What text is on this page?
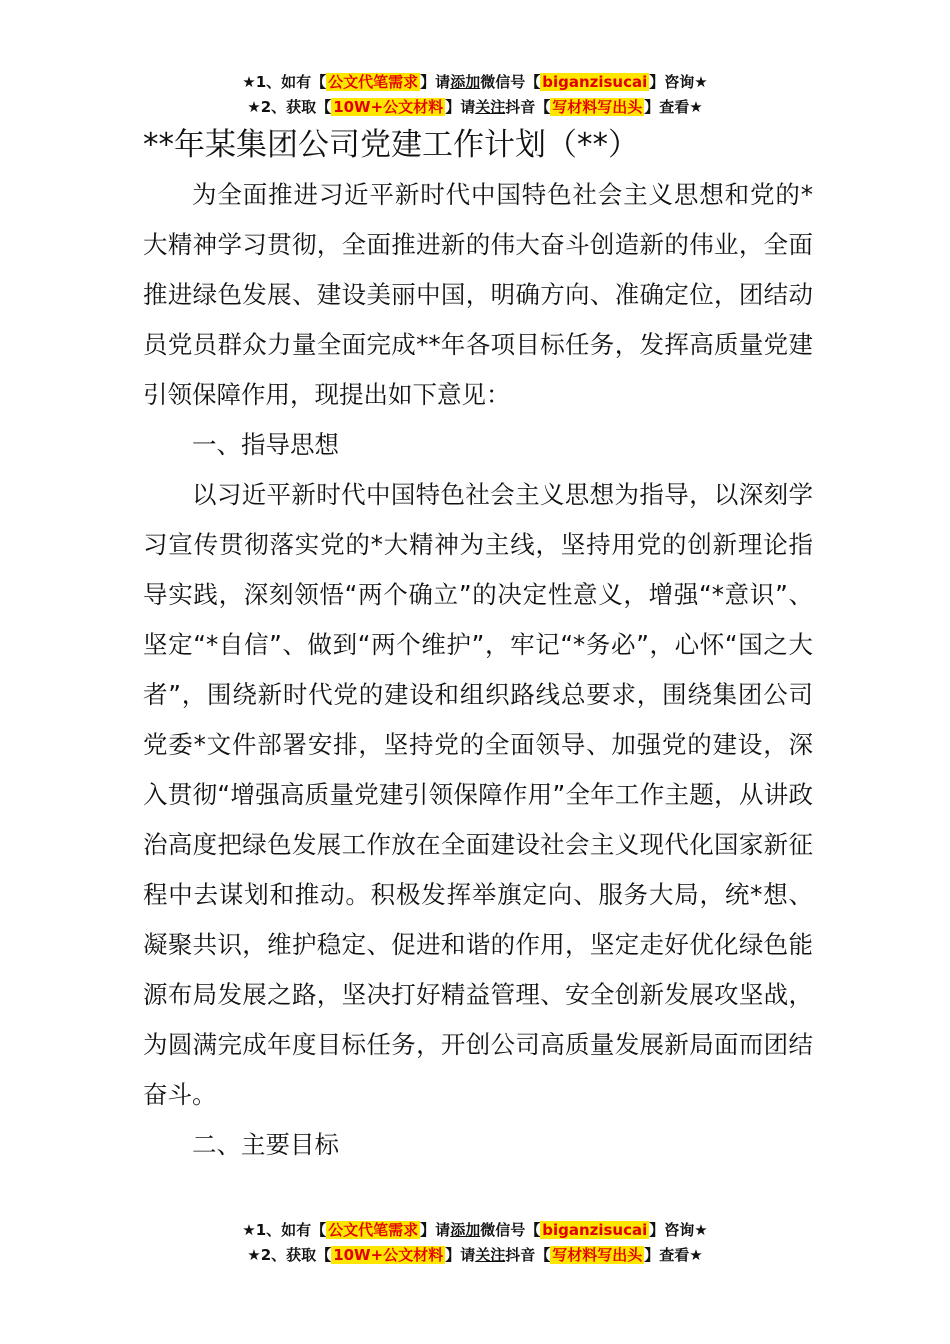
★1、如有【 公文代笔需求 】请添加微信号【 biganzisucai 】咨询★
★2、获取【 10W+公文材料 】请关注抖音【 写材料写出头 】查看★
**年某集团公司党建工作计划（**）

为全面推进习近平新时代中国特色社会主义思想和党的*大精神学习贯彻，全面推进新的伟大奋斗创造新的伟业，全面推进绿色发展、建设美丽中国，明确方向、准确定位，团结动员党员群众力量全面完成**年各项目标任务，发挥高质量党建引领保障作用，现提出如下意见：

一、指导思想

以习近平新时代中国特色社会主义思想为指导，以深刻学习宣传贯彻落实党的*大精神为主线，坚持用党的创新理论指导实践，深刻领悟“两个确立”的决定性意义，增强“*意识”、坚定“*自信”、做到“两个维护”，牢记“*务必”，心怀“国之大者”，围绕新时代党的建设和组织路线总要求，围绕集团公司党委*文件部署安排，坚持党的全面领导、加强党的建设，深入贯彻“增强高质量党建引领保障作用”全年工作主题，从讲政治高度把绿色发展工作放在全面建设社会主义现代化国家新征程中去谋划和推动。积极发挥举旗定向、服务大局，统*想、凝聚共识，维护稳定、促进和谐的作用，坚定走好优化绿色能源布局发展之路，坚决打好精益管理、安全创新发展攻坚战，为圆满完成年度目标任务，开创公司高质量发展新局面而团结奋斗。

二、主要目标

★1、如有【 公文代笔需求 】请添加微信号【 biganzisucai 】咨询★
★2、获取【 10W+公文材料 】请关注抖音【 写材料写出头 】查看★
